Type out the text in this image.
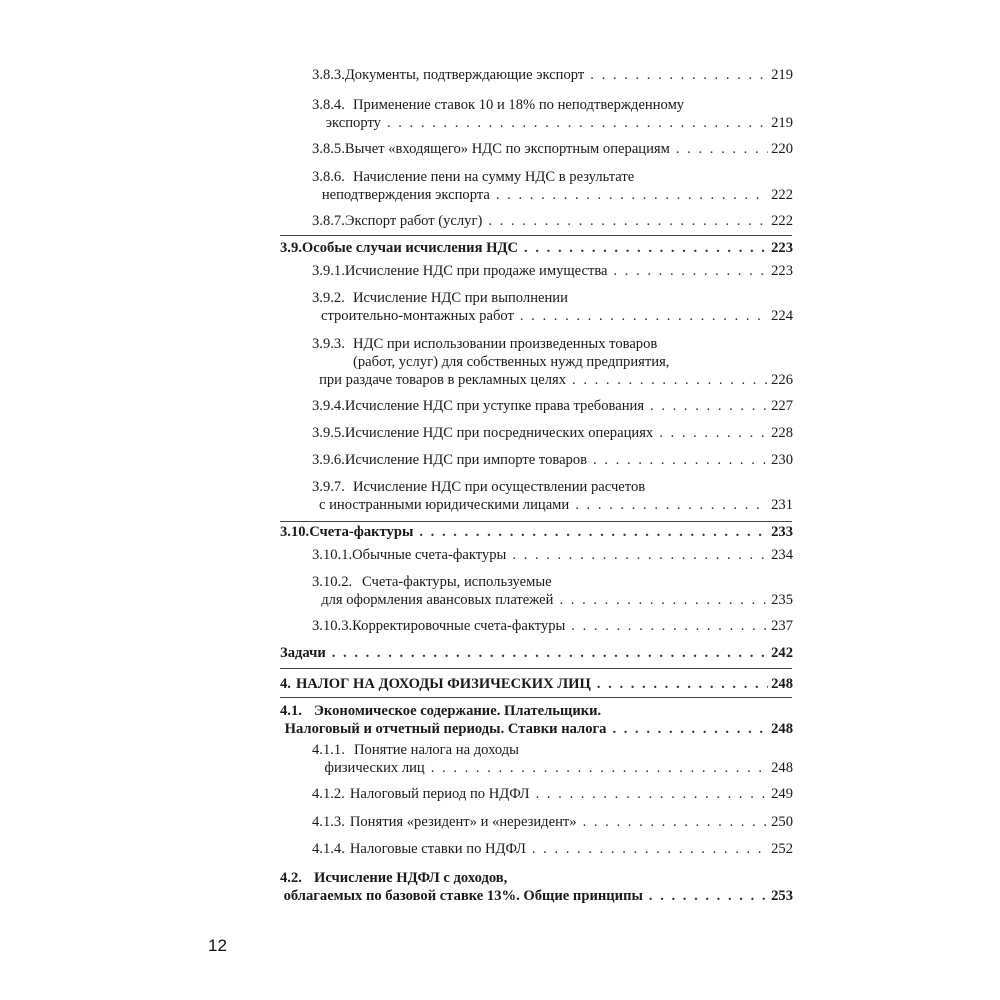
3.8.3. Документы, подтверждающие экспорт . . .	219
3.8.4. Применение ставок 10 и 18% по неподтвержденному
экспорту . . .	219
3.8.5. Вычет «входящего» НДС по экспортным операциям . . .	220
3.8.6. Начисление пени на сумму НДС в результате
неподтверждения экспорта . . .	222
3.8.7. Экспорт работ (услуг) . . .	222
3.9. Особые случаи исчисления НДС . . .	223
3.9.1. Исчисление НДС при продаже имущества . . .	223
3.9.2. Исчисление НДС при выполнении
строительно-монтажных работ . . .	224
3.9.3. НДС при использовании произведенных товаров
(работ, услуг) для собственных нужд предприятия,
при раздаче товаров в рекламных целях . . .	226
3.9.4. Исчисление НДС при уступке права требования . . .	227
3.9.5. Исчисление НДС при посреднических операциях . . .	228
3.9.6. Исчисление НДС при импорте товаров . . .	230
3.9.7. Исчисление НДС при осуществлении расчетов
с иностранными юридическими лицами . . .	231
3.10. Счета-фактуры . . .	233
3.10.1. Обычные счета-фактуры . . .	234
3.10.2. Счета-фактуры, используемые
для оформления авансовых платежей . . .	235
3.10.3. Корректировочные счета-фактуры . . .	237
Задачи . . .	242
4. НАЛОГ НА ДОХОДЫ ФИЗИЧЕСКИХ ЛИЦ . . .	248
4.1. Экономическое содержание. Плательщики.
Налоговый и отчетный периоды. Ставки налога . . .	248
4.1.1. Понятие налога на доходы
физических лиц . . .	248
4.1.2. Налоговый период по НДФЛ . . .	249
4.1.3. Понятия «резидент» и «нерезидент» . . .	250
4.1.4. Налоговые ставки по НДФЛ . . .	252
4.2. Исчисление НДФЛ с доходов,
облагаемых по базовой ставке 13%. Общие принципы . . .	253
12
